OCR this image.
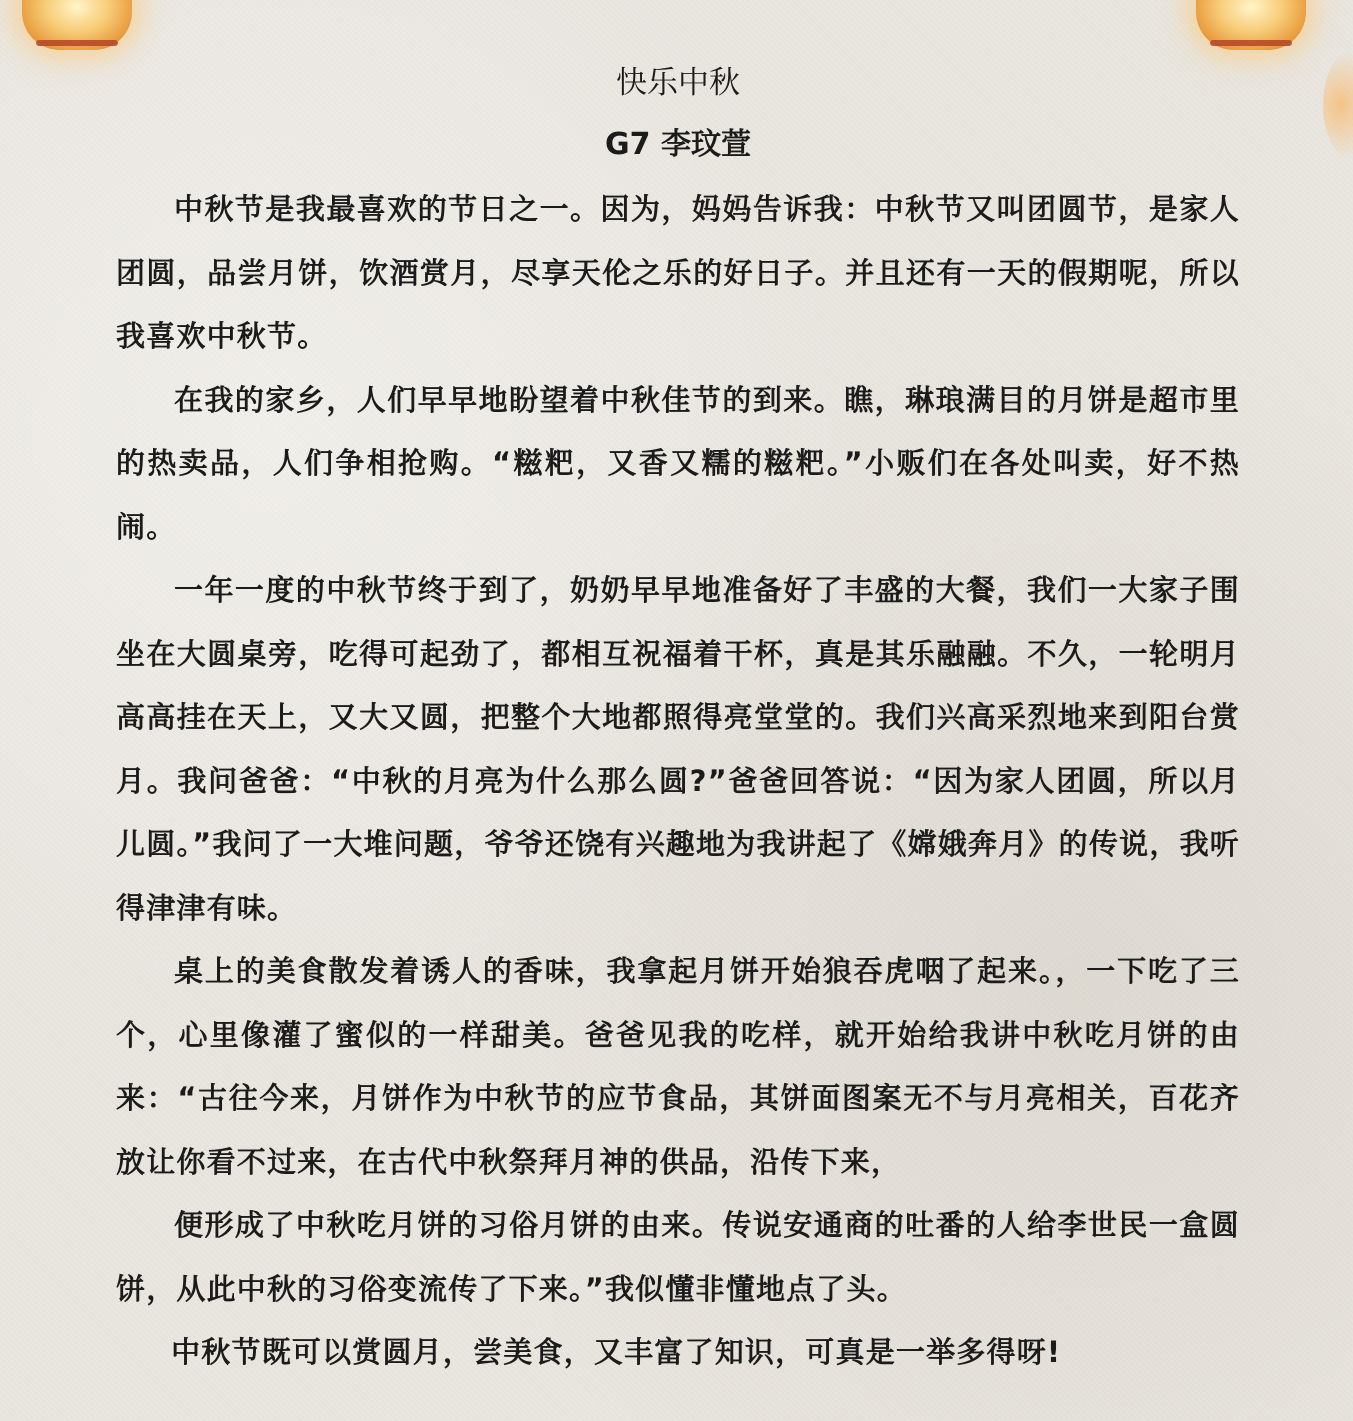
快乐中秋
G7 李玟萱

中秋节是我最喜欢的节日之一。因为，妈妈告诉我：中秋节又叫团圆节，是家人团圆，品尝月饼，饮酒赏月，尽享天伦之乐的好日子。并且还有一天的假期呢，所以我喜欢中秋节。

在我的家乡，人们早早地盼望着中秋佳节的到来。瞧，琳琅满目的月饼是超市里的热卖品，人们争相抢购。“糍粑，又香又糯的糍粑。”小贩们在各处叫卖，好不热闹。

一年一度的中秋节终于到了，奶奶早早地准备好了丰盛的大餐，我们一大家子围坐在大圆桌旁，吃得可起劲了，都相互祝福着干杯，真是其乐融融。不久，一轮明月高高挂在天上，又大又圆，把整个大地都照得亮堂堂的。我们兴高采烈地来到阳台赏月。我问爸爸：“中秋的月亮为什么那么圆?”爸爸回答说：“因为家人团圆，所以月儿圆。”我问了一大堆问题，爷爷还饶有兴趣地为我讲起了《嫦娥奔月》的传说，我听得津津有味。

桌上的美食散发着诱人的香味，我拿起月饼开始狼吞虎咽了起来。，一下吃了三个，心里像灌了蜜似的一样甜美。爸爸见我的吃样，就开始给我讲中秋吃月饼的由来：“古往今来，月饼作为中秋节的应节食品，其饼面图案无不与月亮相关，百花齐放让你看不过来，在古代中秋祭拜月神的供品，沿传下来，

便形成了中秋吃月饼的习俗月饼的由来。传说安通商的吐番的人给李世民一盒圆饼，从此中秋的习俗变流传了下来。”我似懂非懂地点了头。

中秋节既可以赏圆月，尝美食，又丰富了知识，可真是一举多得呀!
